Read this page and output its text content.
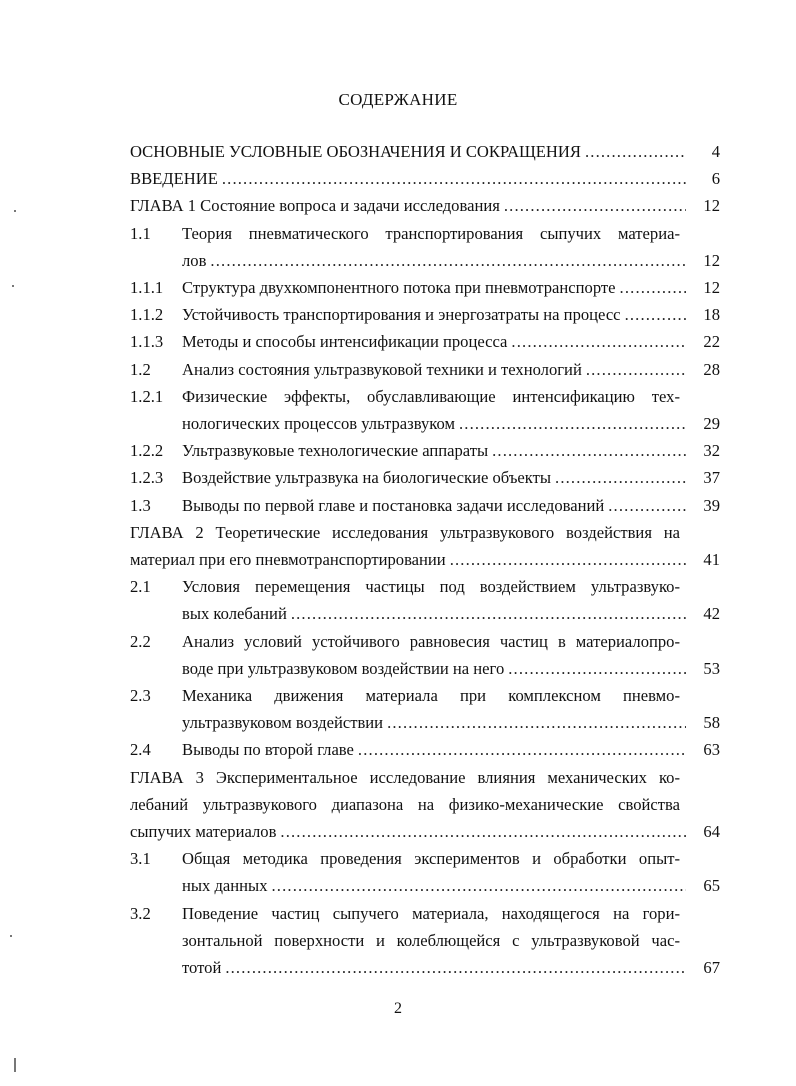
СОДЕРЖАНИЕ
ОСНОВНЫЕ УСЛОВНЫЕ ОБОЗНАЧЕНИЯ И СОКРАЩЕНИЯ . . .	4
ВВЕДЕНИЕ . . .	6
ГЛАВА 1 Состояние вопроса и задачи исследования . . .	12
1.1	Теория пневматического транспортирования сыпучих материа-
лов . . .	12
1.1.1	Структура двухкомпонентного потока при пневмотранспорте . . .	12
1.1.2	Устойчивость транспортирования и энергозатраты на процесс . . .	18
1.1.3	Методы и способы интенсификации процесса . . .	22
1.2	Анализ состояния ультразвуковой техники и технологий . . .	28
1.2.1	Физические эффекты, обуславливающие интенсификацию тех-
нологических процессов ультразвуком . . .	29
1.2.2	Ультразвуковые технологические аппараты . . .	32
1.2.3	Воздействие ультразвука на биологические объекты . . .	37
1.3	Выводы по первой главе и постановка задачи исследований . . .	39
ГЛАВА 2 Теоретические исследования ультразвукового воздействия на
материал при его пневмотранспортировании . . .	41
2.1	Условия перемещения частицы под воздействием ультразвуко-
вых колебаний . . .	42
2.2	Анализ условий устойчивого равновесия частиц в материалопро-
воде при ультразвуковом воздействии на него . . .	53
2.3	Механика движения материала при комплексном пневмо-
ультразвуковом воздействии . . .	58
2.4	Выводы по второй главе . . .	63
ГЛАВА 3 Экспериментальное исследование влияния механических ко-
лебаний ультразвукового диапазона на физико-механические свойства
сыпучих материалов . . .	64
3.1	Общая методика проведения экспериментов и обработки опыт-
ных данных . . .	65
3.2	Поведение частиц сыпучего материала, находящегося на гори-
зонтальной поверхности и колеблющейся с ультразвуковой час-
тотой . . .	67
2
